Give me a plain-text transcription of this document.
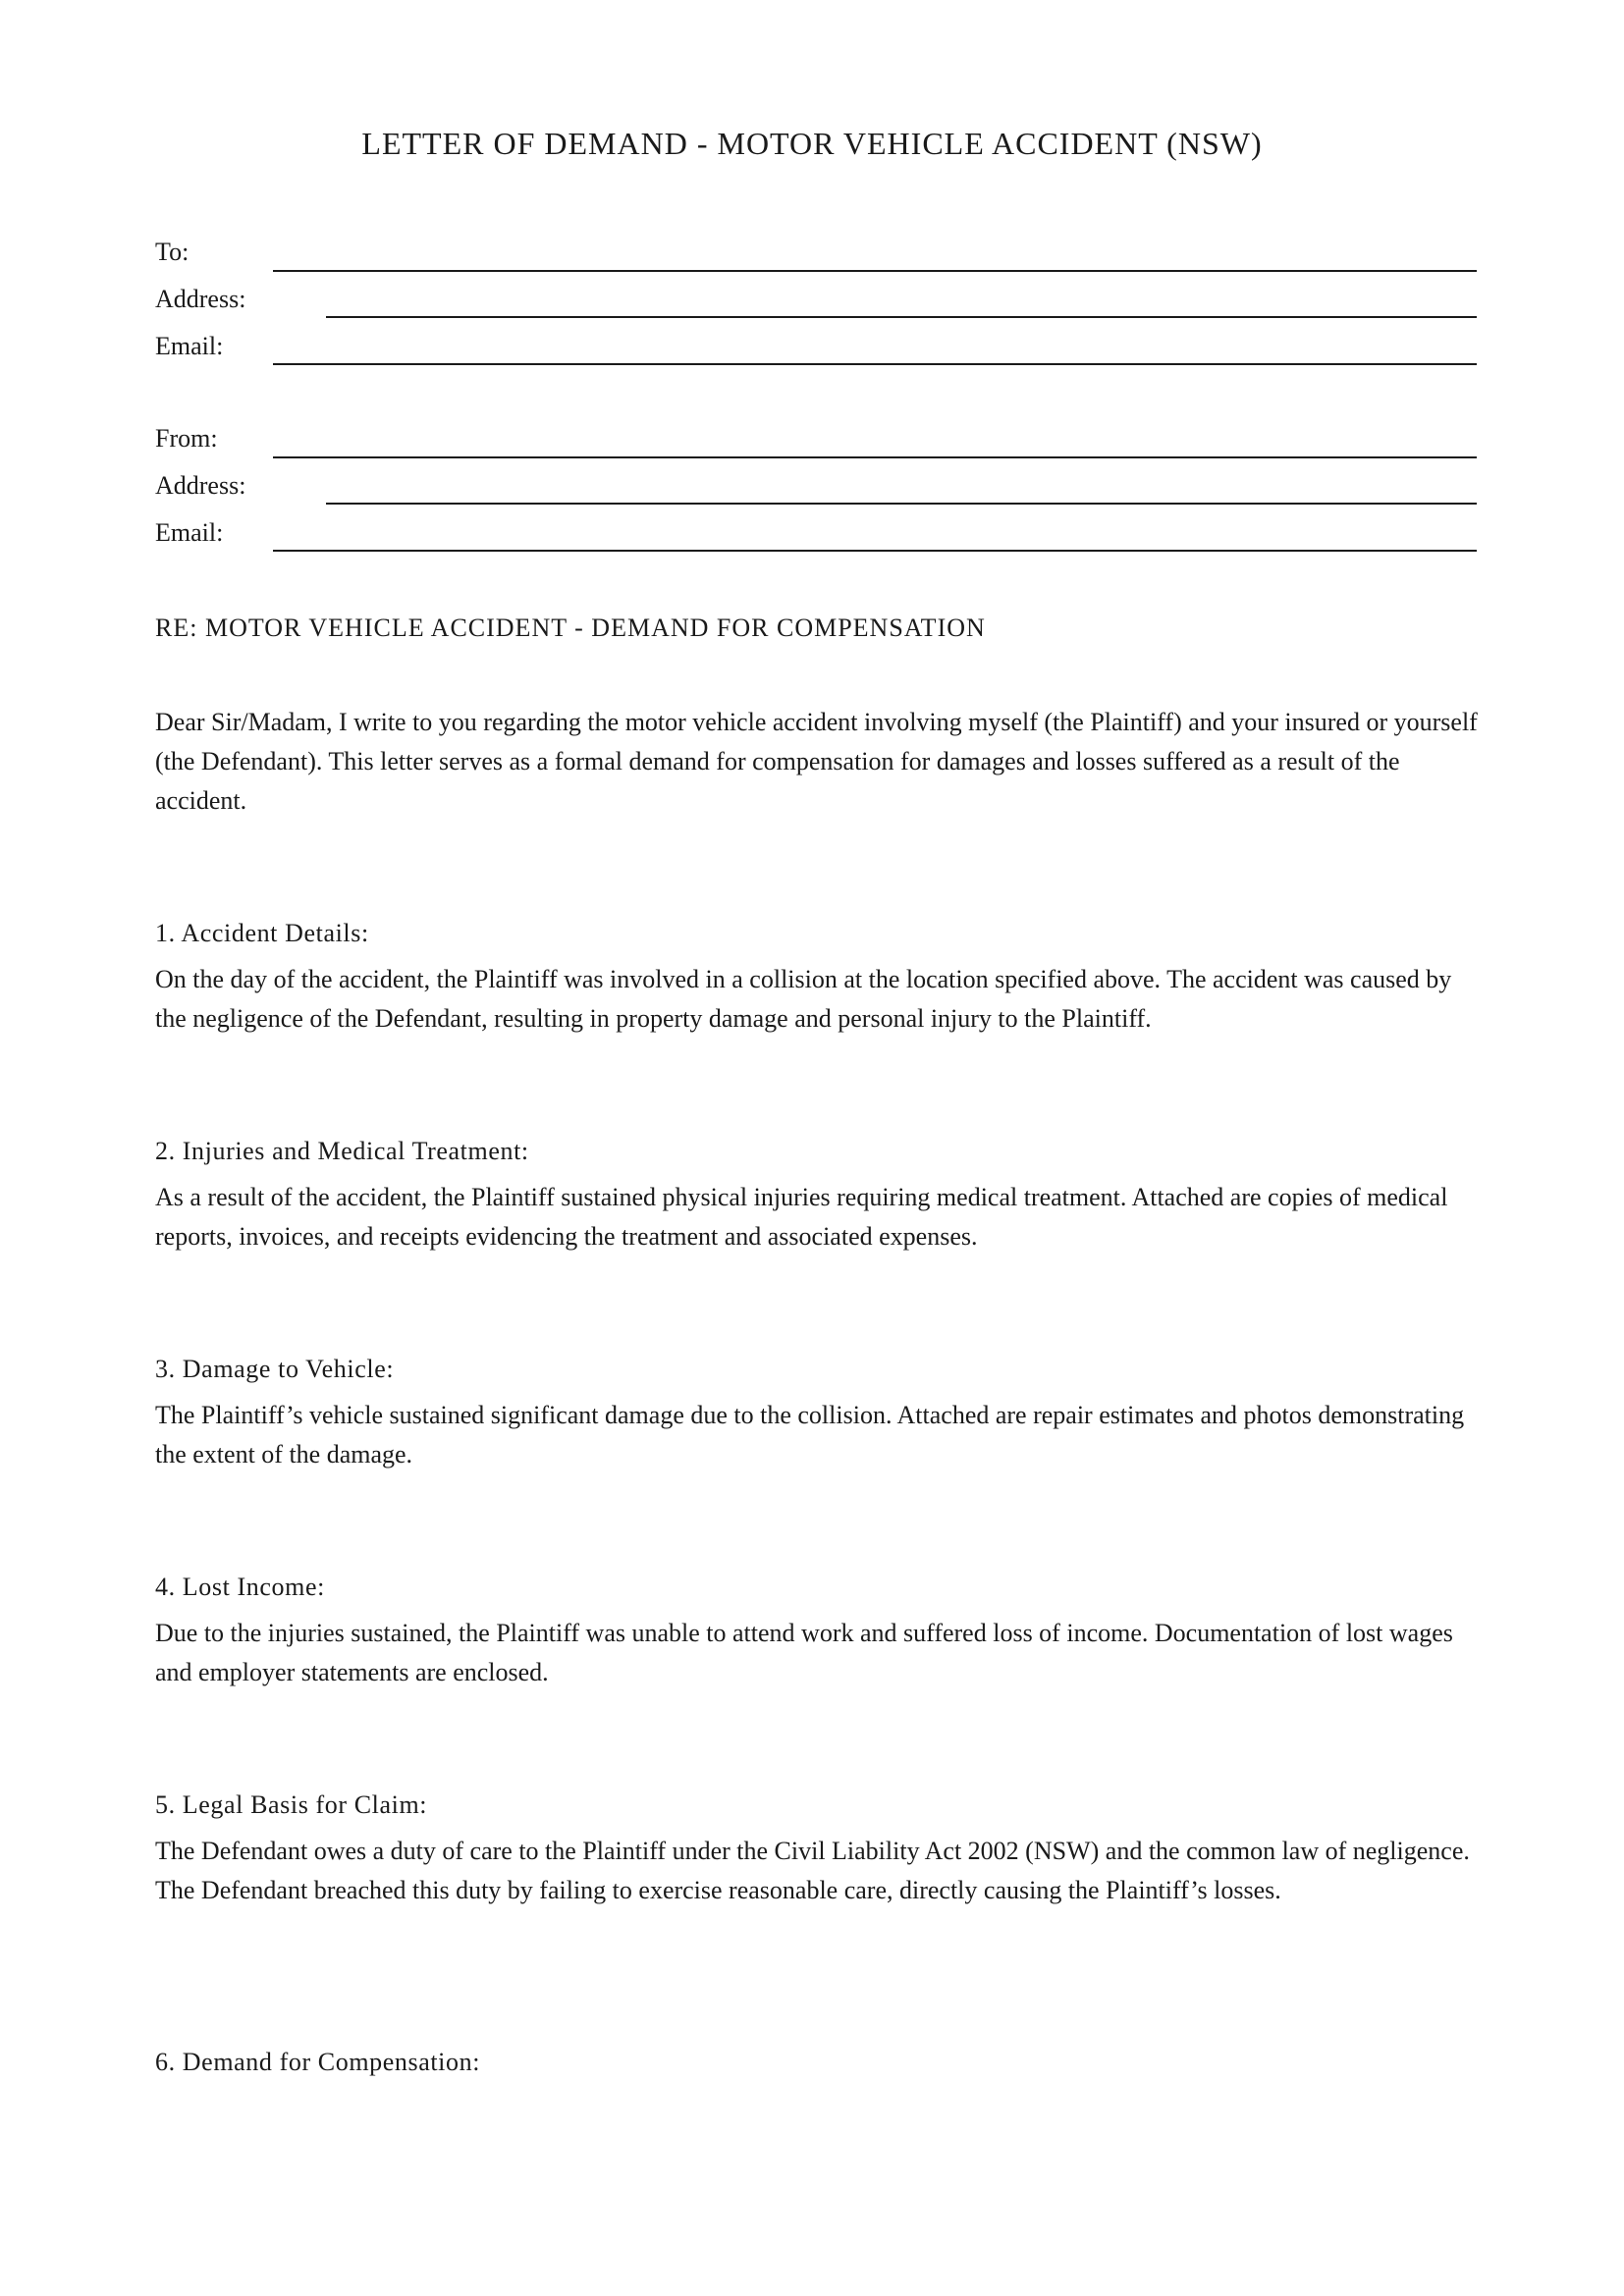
LETTER OF DEMAND - MOTOR VEHICLE ACCIDENT (NSW)
To:
Address:
Email:
From:
Address:
Email:
RE: MOTOR VEHICLE ACCIDENT - DEMAND FOR COMPENSATION

Dear Sir/Madam, I write to you regarding the motor vehicle accident involving myself (the Plaintiff) and your insured or yourself (the Defendant). This letter serves as a formal demand for compensation for damages and losses suffered as a result of the accident.

1. Accident Details:

On the day of the accident, the Plaintiff was involved in a collision at the location specified above. The accident was caused by the negligence of the Defendant, resulting in property damage and personal injury to the Plaintiff.

2. Injuries and Medical Treatment:

As a result of the accident, the Plaintiff sustained physical injuries requiring medical treatment. Attached are copies of medical reports, invoices, and receipts evidencing the treatment and associated expenses.

3. Damage to Vehicle:

The Plaintiff’s vehicle sustained significant damage due to the collision. Attached are repair estimates and photos demonstrating the extent of the damage.

4. Lost Income:

Due to the injuries sustained, the Plaintiff was unable to attend work and suffered loss of income. Documentation of lost wages and employer statements are enclosed.

5. Legal Basis for Claim:

The Defendant owes a duty of care to the Plaintiff under the Civil Liability Act 2002 (NSW) and the common law of negligence. The Defendant breached this duty by failing to exercise reasonable care, directly causing the Plaintiff’s losses.

6. Demand for Compensation:
